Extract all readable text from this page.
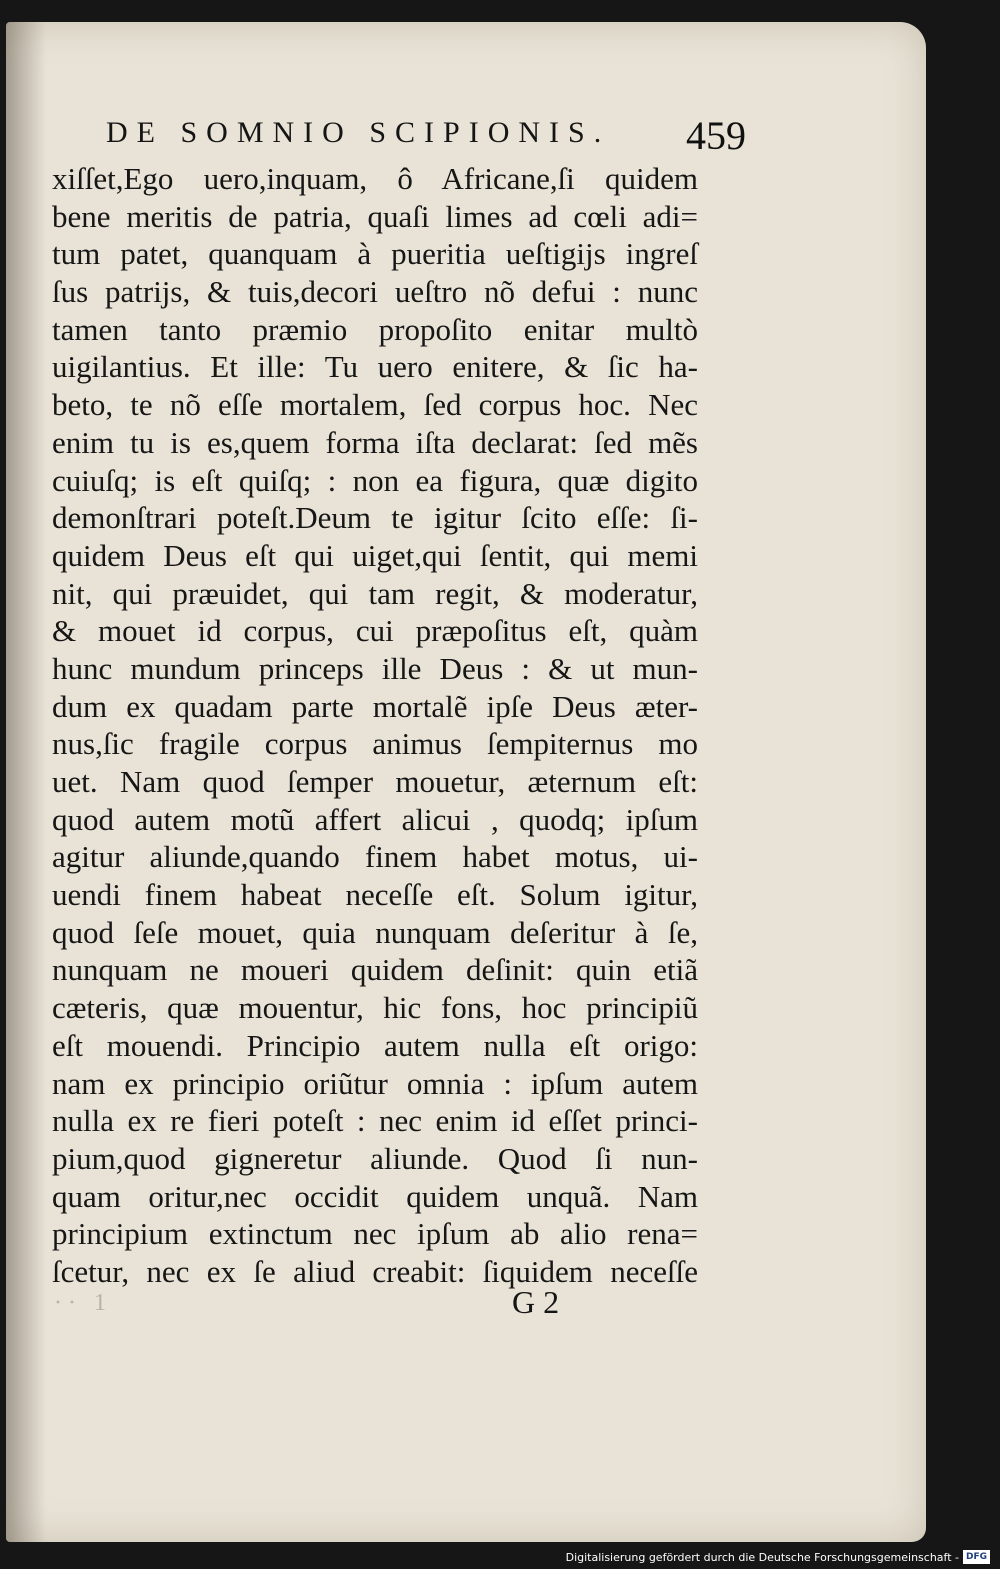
DE SOMNIO SCIPIONIS. 459
xiſſet,Ego uero,inquam, ô Africane,ſi quidem
bene meritis de patria, quaſi limes ad cœli adi=
tum patet, quanquam à pueritia ueſtigijs ingreſ
ſus patrijs, & tuis,decori ueſtro nõ defui : nunc
tamen tanto præmio propoſito enitar multò
uigilantius. Et ille: Tu uero enitere, & ſic ha-
beto, te nõ eſſe mortalem, ſed corpus hoc. Nec
enim tu is es,quem forma iſta declarat: ſed mẽs
cuiuſq; is eſt quiſq; : non ea figura, quæ digito
demonſtrari poteſt.Deum te igitur ſcito eſſe: ſi-
quidem Deus eſt qui uiget,qui ſentit, qui memi
nit, qui præuidet, qui tam regit, & moderatur,
& mouet id corpus, cui præpoſitus eſt, quàm
hunc mundum princeps ille Deus : & ut mun-
dum ex quadam parte mortalẽ ipſe Deus æter-
nus,ſic fragile corpus animus ſempiternus mo
uet. Nam quod ſemper mouetur, æternum eſt:
quod autem motũ affert alicui , quodq; ipſum
agitur aliunde,quando finem habet motus, ui-
uendi finem habeat neceſſe eſt. Solum igitur,
quod ſeſe mouet, quia nunquam deſeritur à ſe,
nunquam ne moueri quidem deſinit: quin etiã
cæteris, quæ mouentur, hic fons, hoc principiũ
eſt mouendi. Principio autem nulla eſt origo:
nam ex principio oriũtur omnia : ipſum autem
nulla ex re fieri poteſt : nec enim id eſſet princi-
pium,quod gigneretur aliunde. Quod ſi nun-
quam oritur,nec occidit quidem unquã. Nam
principium extinctum nec ipſum ab alio rena=
ſcetur, nec ex ſe aliud creabit: ſiquidem neceſſe
·· 1	G 2
Digitalisierung gefördert durch die Deutsche Forschungsgemeinschaft - DFG
